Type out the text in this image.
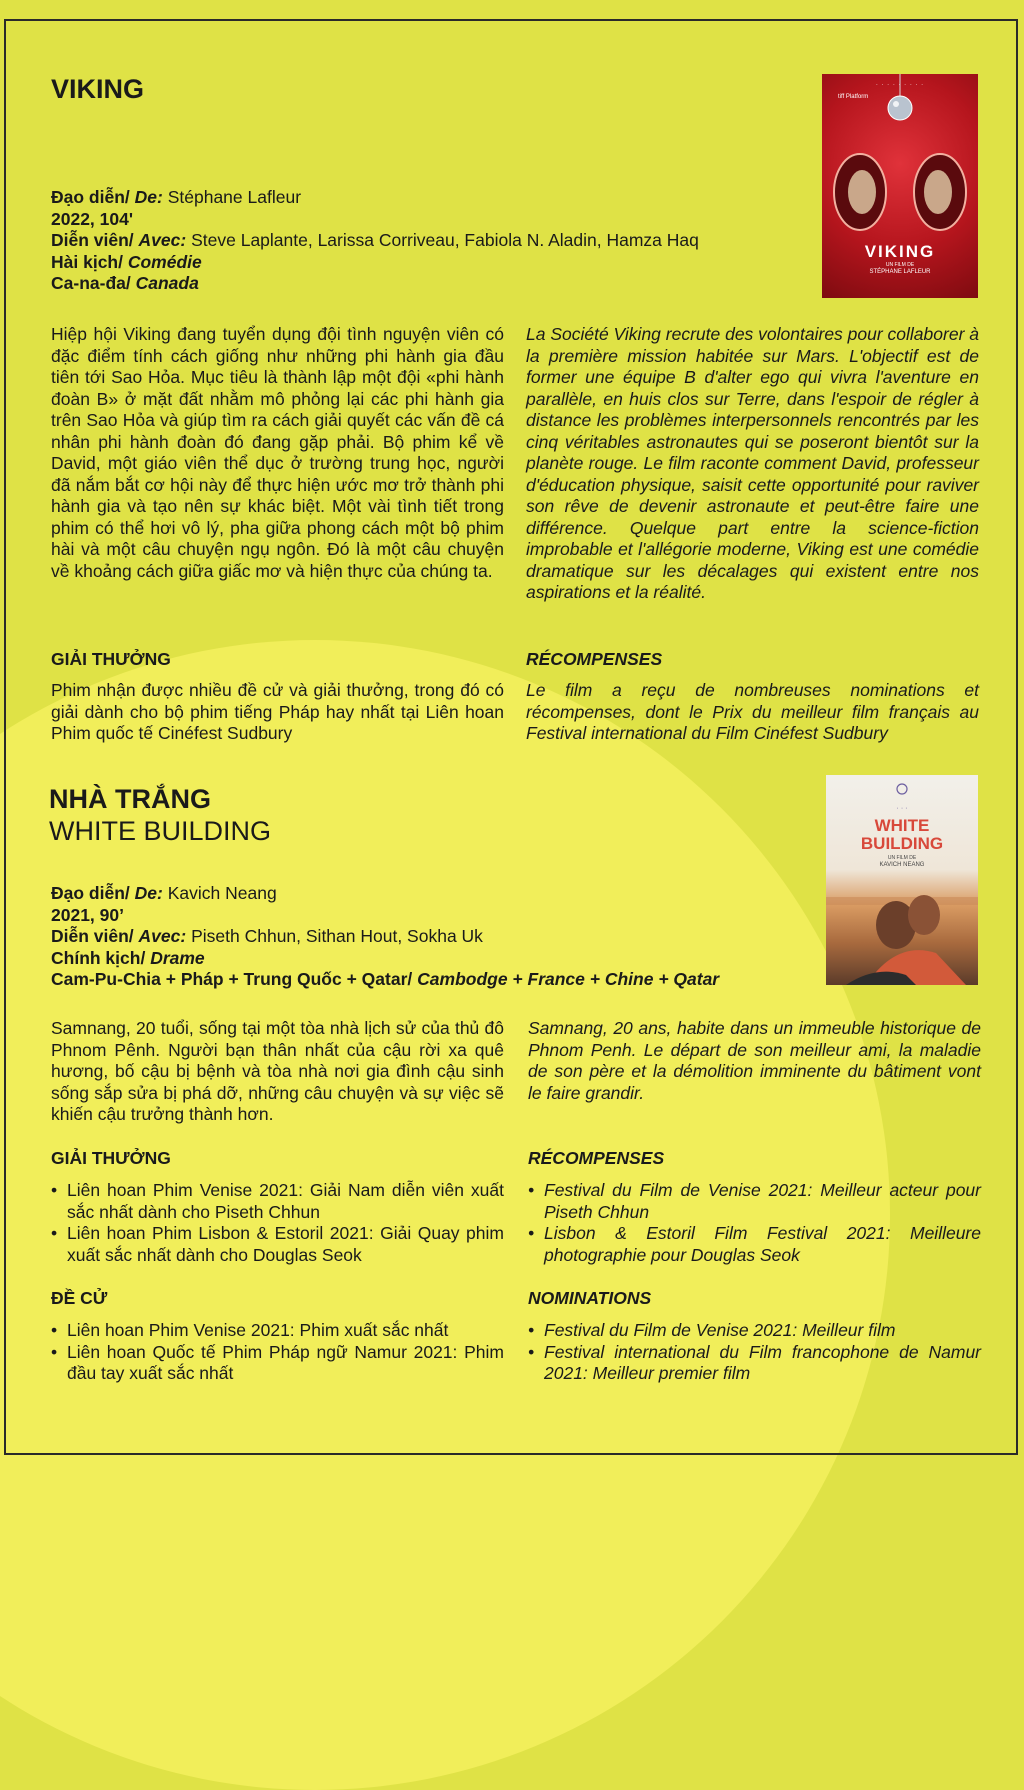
VIKING
Đạo diễn/ De: Stéphane Lafleur
2022, 104'
Diễn viên/ Avec: Steve Laplante, Larissa Corriveau, Fabiola N. Aladin, Hamza Haq
Hài kịch/ Comédie
Ca-na-đa/ Canada
· · · · · · · · ·
tiff Platform
VIKING
UN FILM DE
STÉPHANE LAFLEUR
Hiệp hội Viking đang tuyển dụng đội tình nguyện viên có đặc điểm tính cách giống như những phi hành gia đầu tiên tới Sao Hỏa. Mục tiêu là thành lập một đội «phi hành đoàn B» ở mặt đất nhằm mô phỏng lại các phi hành gia trên Sao Hỏa và giúp tìm ra cách giải quyết các vấn đề cá nhân phi hành đoàn đó đang gặp phải. Bộ phim kể về David, một giáo viên thể dục ở trường trung học, người đã nắm bắt cơ hội này để thực hiện ước mơ trở thành phi hành gia và tạo nên sự khác biệt. Một vài tình tiết trong phim có thể hơi vô lý, pha giữa phong cách một bộ phim hài và một câu chuyện ngụ ngôn. Đó là một câu chuyện về khoảng cách giữa giấc mơ và hiện thực của chúng ta.
La Société Viking recrute des volontaires pour collaborer à la première mission habitée sur Mars. L'objectif est de former une équipe B d'alter ego qui vivra l'aventure en parallèle, en huis clos sur Terre, dans l'espoir de régler à distance les problèmes interpersonnels rencontrés par les cinq véritables astronautes qui se poseront bientôt sur la planète rouge. Le film raconte comment David, professeur d'éducation physique, saisit cette opportunité pour raviver son rêve de devenir astronaute et peut-être faire une différence. Quelque part entre la science-fiction improbable et l'allégorie moderne, Viking est une comédie dramatique sur les décalages qui existent entre nos aspirations et la réalité.
GIẢI THƯỞNG	RÉCOMPENSES
Phim nhận được nhiều đề cử và giải thưởng, trong đó có giải dành cho bộ phim tiếng Pháp hay nhất tại Liên hoan Phim quốc tế Cinéfest Sudbury
Le film a reçu de nombreuses nominations et récompenses, dont le Prix du meilleur film français au Festival international du Film Cinéfest Sudbury
NHÀ TRẮNG
WHITE BUILDING
Đạo diễn/ De: Kavich Neang
2021, 90’
Diễn viên/ Avec: Piseth Chhun, Sithan Hout, Sokha Uk
Chính kịch/ Drame
Cam-Pu-Chia + Pháp + Trung Quốc + Qatar/ Cambodge + France + Chine + Qatar
· · ·
WHITE
BUILDING
UN FILM DE
KAVICH NEANG
Samnang, 20 tuổi, sống tại một tòa nhà lịch sử của thủ đô Phnom Pênh. Người bạn thân nhất của cậu rời xa quê hương, bố cậu bị bệnh và tòa nhà nơi gia đình cậu sinh sống sắp sửa bị phá dỡ, những câu chuyện và sự việc sẽ khiến cậu trưởng thành hơn.
Samnang, 20 ans, habite dans un immeuble historique de Phnom Penh. Le départ de son meilleur ami, la maladie de son père et la démolition imminente du bâtiment vont le faire grandir.
GIẢI THƯỞNG	RÉCOMPENSES
• Liên hoan Phim Venise 2021: Giải Nam diễn viên xuất sắc nhất dành cho Piseth Chhun
• Liên hoan Phim Lisbon & Estoril 2021: Giải Quay phim xuất sắc nhất dành cho Douglas Seok
• Festival du Film de Venise 2021: Meilleur acteur pour Piseth Chhun
• Lisbon & Estoril Film Festival 2021: Meilleure photographie pour Douglas Seok
ĐỀ CỬ	NOMINATIONS
• Liên hoan Phim Venise 2021: Phim xuất sắc nhất
• Liên hoan Quốc tế Phim Pháp ngữ Namur 2021: Phim đầu tay xuất sắc nhất
• Festival du Film de Venise 2021: Meilleur film
• Festival international du Film francophone de Namur 2021: Meilleur premier film
